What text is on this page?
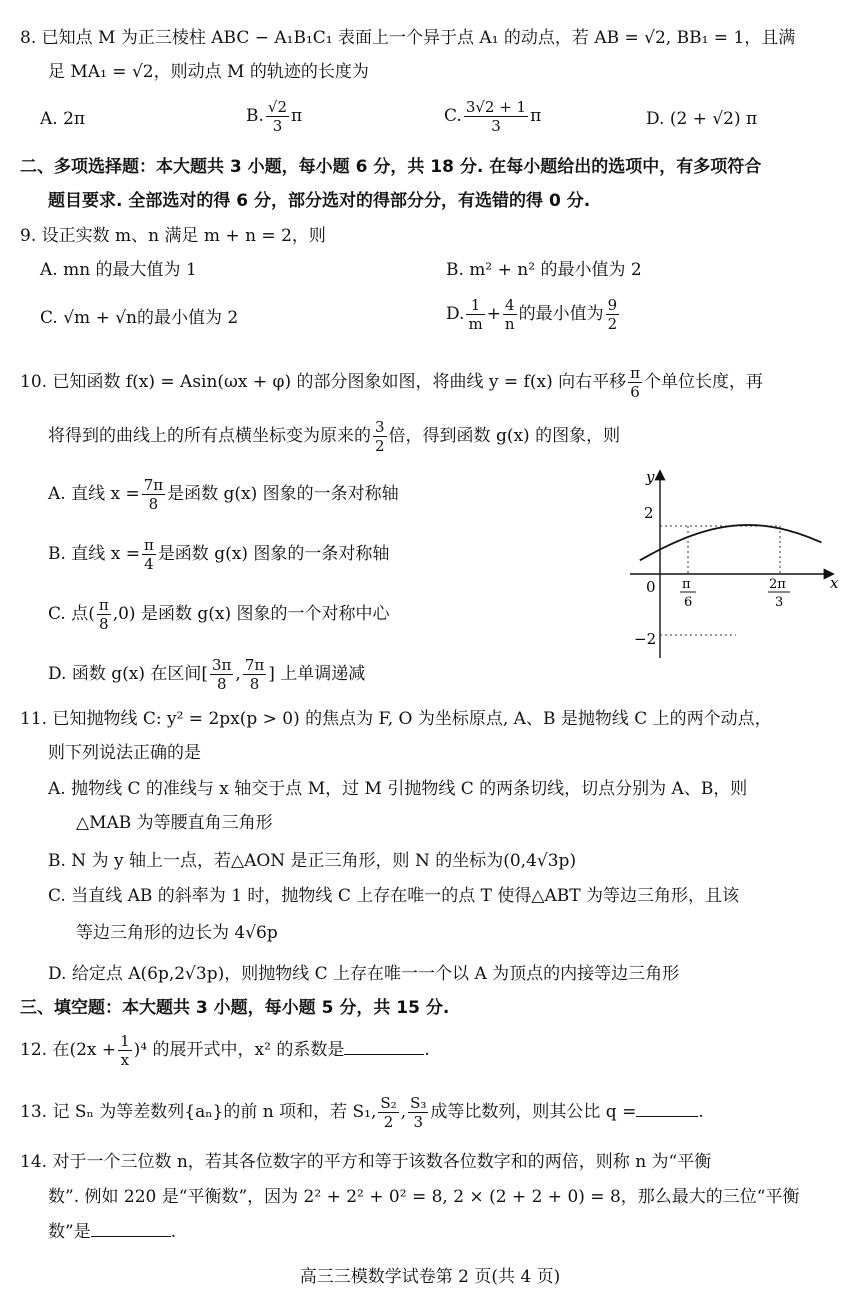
8. 已知点 M 为正三棱柱 ABC − A₁B₁C₁ 表面上一个异于点 A₁ 的动点，若 AB = √2, BB₁ = 1，且满
足 MA₁ = √2，则动点 M 的轨迹的长度为
A. 2π	B. $\frac{√2}{3}$ π	C. $\frac{3√2 + 1}{3}$ π	D. (2 + √2) π
二、多项选择题：本大题共 3 小题，每小题 6 分，共 18 分. 在每小题给出的选项中，有多项符合
题目要求. 全部选对的得 6 分，部分选对的得部分分，有选错的得 0 分.
9. 设正实数 m、n 满足 m + n = 2，则
A. mn 的最大值为 1	B. m² + n² 的最小值为 2
C. √m + √n的最小值为 2	D. $\frac{1}{m} + \frac{4}{n}$ 的最小值为 $\frac{9}{2}$
10. 已知函数 f(x) = Asin(ωx + φ) 的部分图象如图，将曲线 y = f(x) 向右平移 $\frac{\pi}{6}$ 个单位长度，再
将得到的曲线上的所有点横坐标变为原来的 $\frac{3}{2}$ 倍，得到函数 g(x) 的图象，则
A. 直线 $x = \frac{7\pi}{8}$ 是函数 g(x) 图象的一条对称轴
B. 直线 $x = \frac{\pi}{4}$ 是函数 g(x) 图象的一条对称轴
C. 点( $\frac{\pi}{8} ,0$) 是函数 g(x) 图象的一个对称中心
D. 函数 g(x) 在区间[ $\frac{3\pi}{8}$ , $\frac{7\pi}{8}$ ] 上单调递减
y
x
0
2
−2
π
6
2π
3
11. 已知抛物线 C: y² = 2px(p > 0) 的焦点为 F, O 为坐标原点, A、B 是抛物线 C 上的两个动点，
则下列说法正确的是
A. 抛物线 C 的准线与 x 轴交于点 M，过 M 引抛物线 C 的两条切线，切点分别为 A、B，则
△MAB 为等腰直角三角形
B. N 为 y 轴上一点，若△AON 是正三角形，则 N 的坐标为(0,4√3p)
C. 当直线 AB 的斜率为 1 时，抛物线 C 上存在唯一的点 T 使得△ABT 为等边三角形，且该
等边三角形的边长为 4√6p
D. 给定点 A(6p,2√3p)，则抛物线 C 上存在唯一一个以 A 为顶点的内接等边三角形
三、填空题：本大题共 3 小题，每小题 5 分，共 15 分.
12. 在$(2x + \frac{1}{x} )^4$ 的展开式中，x² 的系数是	.
13. 记 Sₙ 为等差数列{aₙ}的前 n 项和，若 S₁, $\frac{\text{S₂}}{2}$ , $\frac{\text{S₃}}{3}$ 成等比数列，则其公比 q =	.
14. 对于一个三位数 n，若其各位数字的平方和等于该数各位数字和的两倍，则称 n 为“平衡
数”. 例如 220 是“平衡数”，因为 2² + 2² + 0² = 8, 2 × (2 + 2 + 0) = 8，那么最大的三位“平衡
数”是	.
高三三模数学试卷第 2 页(共 4 页)
